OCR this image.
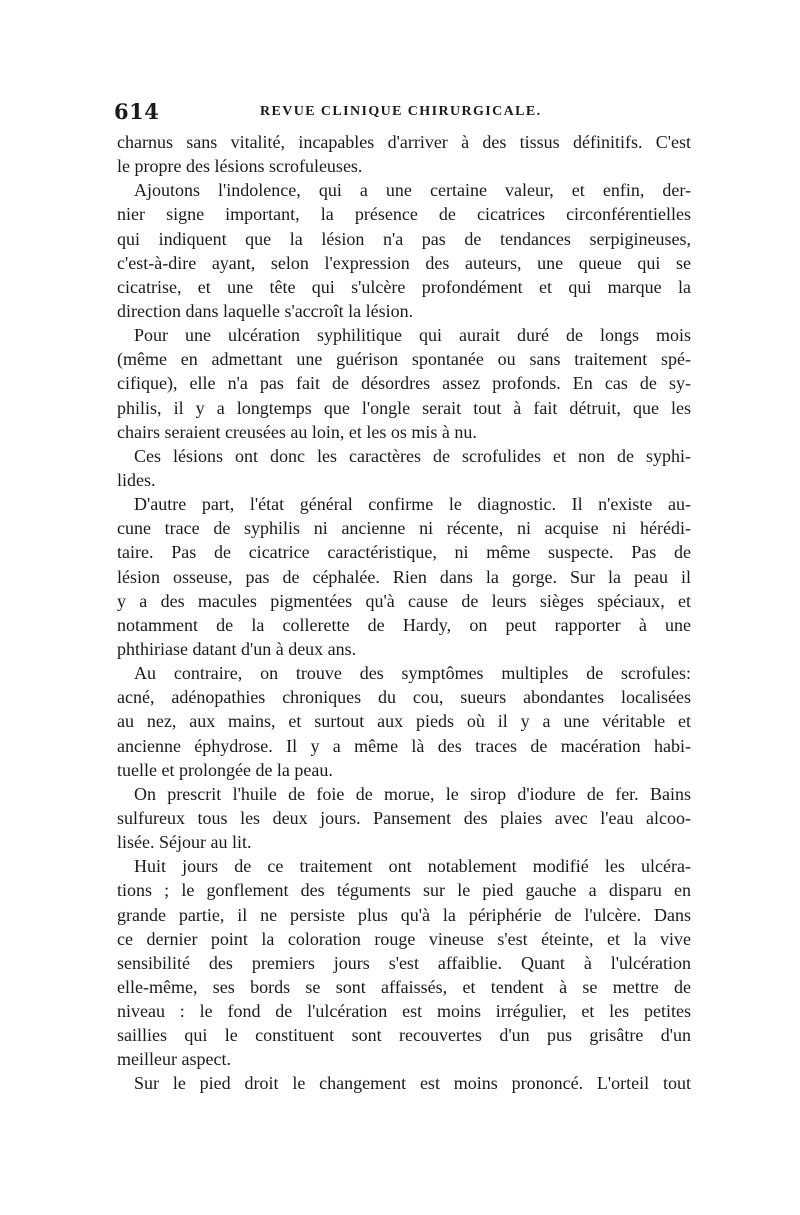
614	REVUE CLINIQUE CHIRURGICALE.
charnus sans vitalité, incapables d'arriver à des tissus définitifs. C'est
le propre des lésions scrofuleuses.
Ajoutons l'indolence, qui a une certaine valeur, et enfin, der-
nier signe important, la présence de cicatrices circonférentielles
qui indiquent que la lésion n'a pas de tendances serpigineuses,
c'est-à-dire ayant, selon l'expression des auteurs, une queue qui se
cicatrise, et une tête qui s'ulcère profondément et qui marque la
direction dans laquelle s'accroît la lésion.
Pour une ulcération syphilitique qui aurait duré de longs mois
(même en admettant une guérison spontanée ou sans traitement spé-
cifique), elle n'a pas fait de désordres assez profonds. En cas de sy-
philis, il y a longtemps que l'ongle serait tout à fait détruit, que les
chairs seraient creusées au loin, et les os mis à nu.
Ces lésions ont donc les caractères de scrofulides et non de syphi-
lides.
D'autre part, l'état général confirme le diagnostic. Il n'existe au-
cune trace de syphilis ni ancienne ni récente, ni acquise ni hérédi-
taire. Pas de cicatrice caractéristique, ni même suspecte. Pas de
lésion osseuse, pas de céphalée. Rien dans la gorge. Sur la peau il
y a des macules pigmentées qu'à cause de leurs sièges spéciaux, et
notamment de la collerette de Hardy, on peut rapporter à une
phthiriase datant d'un à deux ans.
Au contraire, on trouve des symptômes multiples de scrofules:
acné, adénopathies chroniques du cou, sueurs abondantes localisées
au nez, aux mains, et surtout aux pieds où il y a une véritable et
ancienne éphydrose. Il y a même là des traces de macération habi-
tuelle et prolongée de la peau.
On prescrit l'huile de foie de morue, le sirop d'iodure de fer. Bains
sulfureux tous les deux jours. Pansement des plaies avec l'eau alcoo-
lisée. Séjour au lit.
Huit jours de ce traitement ont notablement modifié les ulcéra-
tions ; le gonflement des téguments sur le pied gauche a disparu en
grande partie, il ne persiste plus qu'à la périphérie de l'ulcère. Dans
ce dernier point la coloration rouge vineuse s'est éteinte, et la vive
sensibilité des premiers jours s'est affaiblie. Quant à l'ulcération
elle-même, ses bords se sont affaissés, et tendent à se mettre de
niveau : le fond de l'ulcération est moins irrégulier, et les petites
saillies qui le constituent sont recouvertes d'un pus grisâtre d'un
meilleur aspect.
Sur le pied droit le changement est moins prononcé. L'orteil tout
